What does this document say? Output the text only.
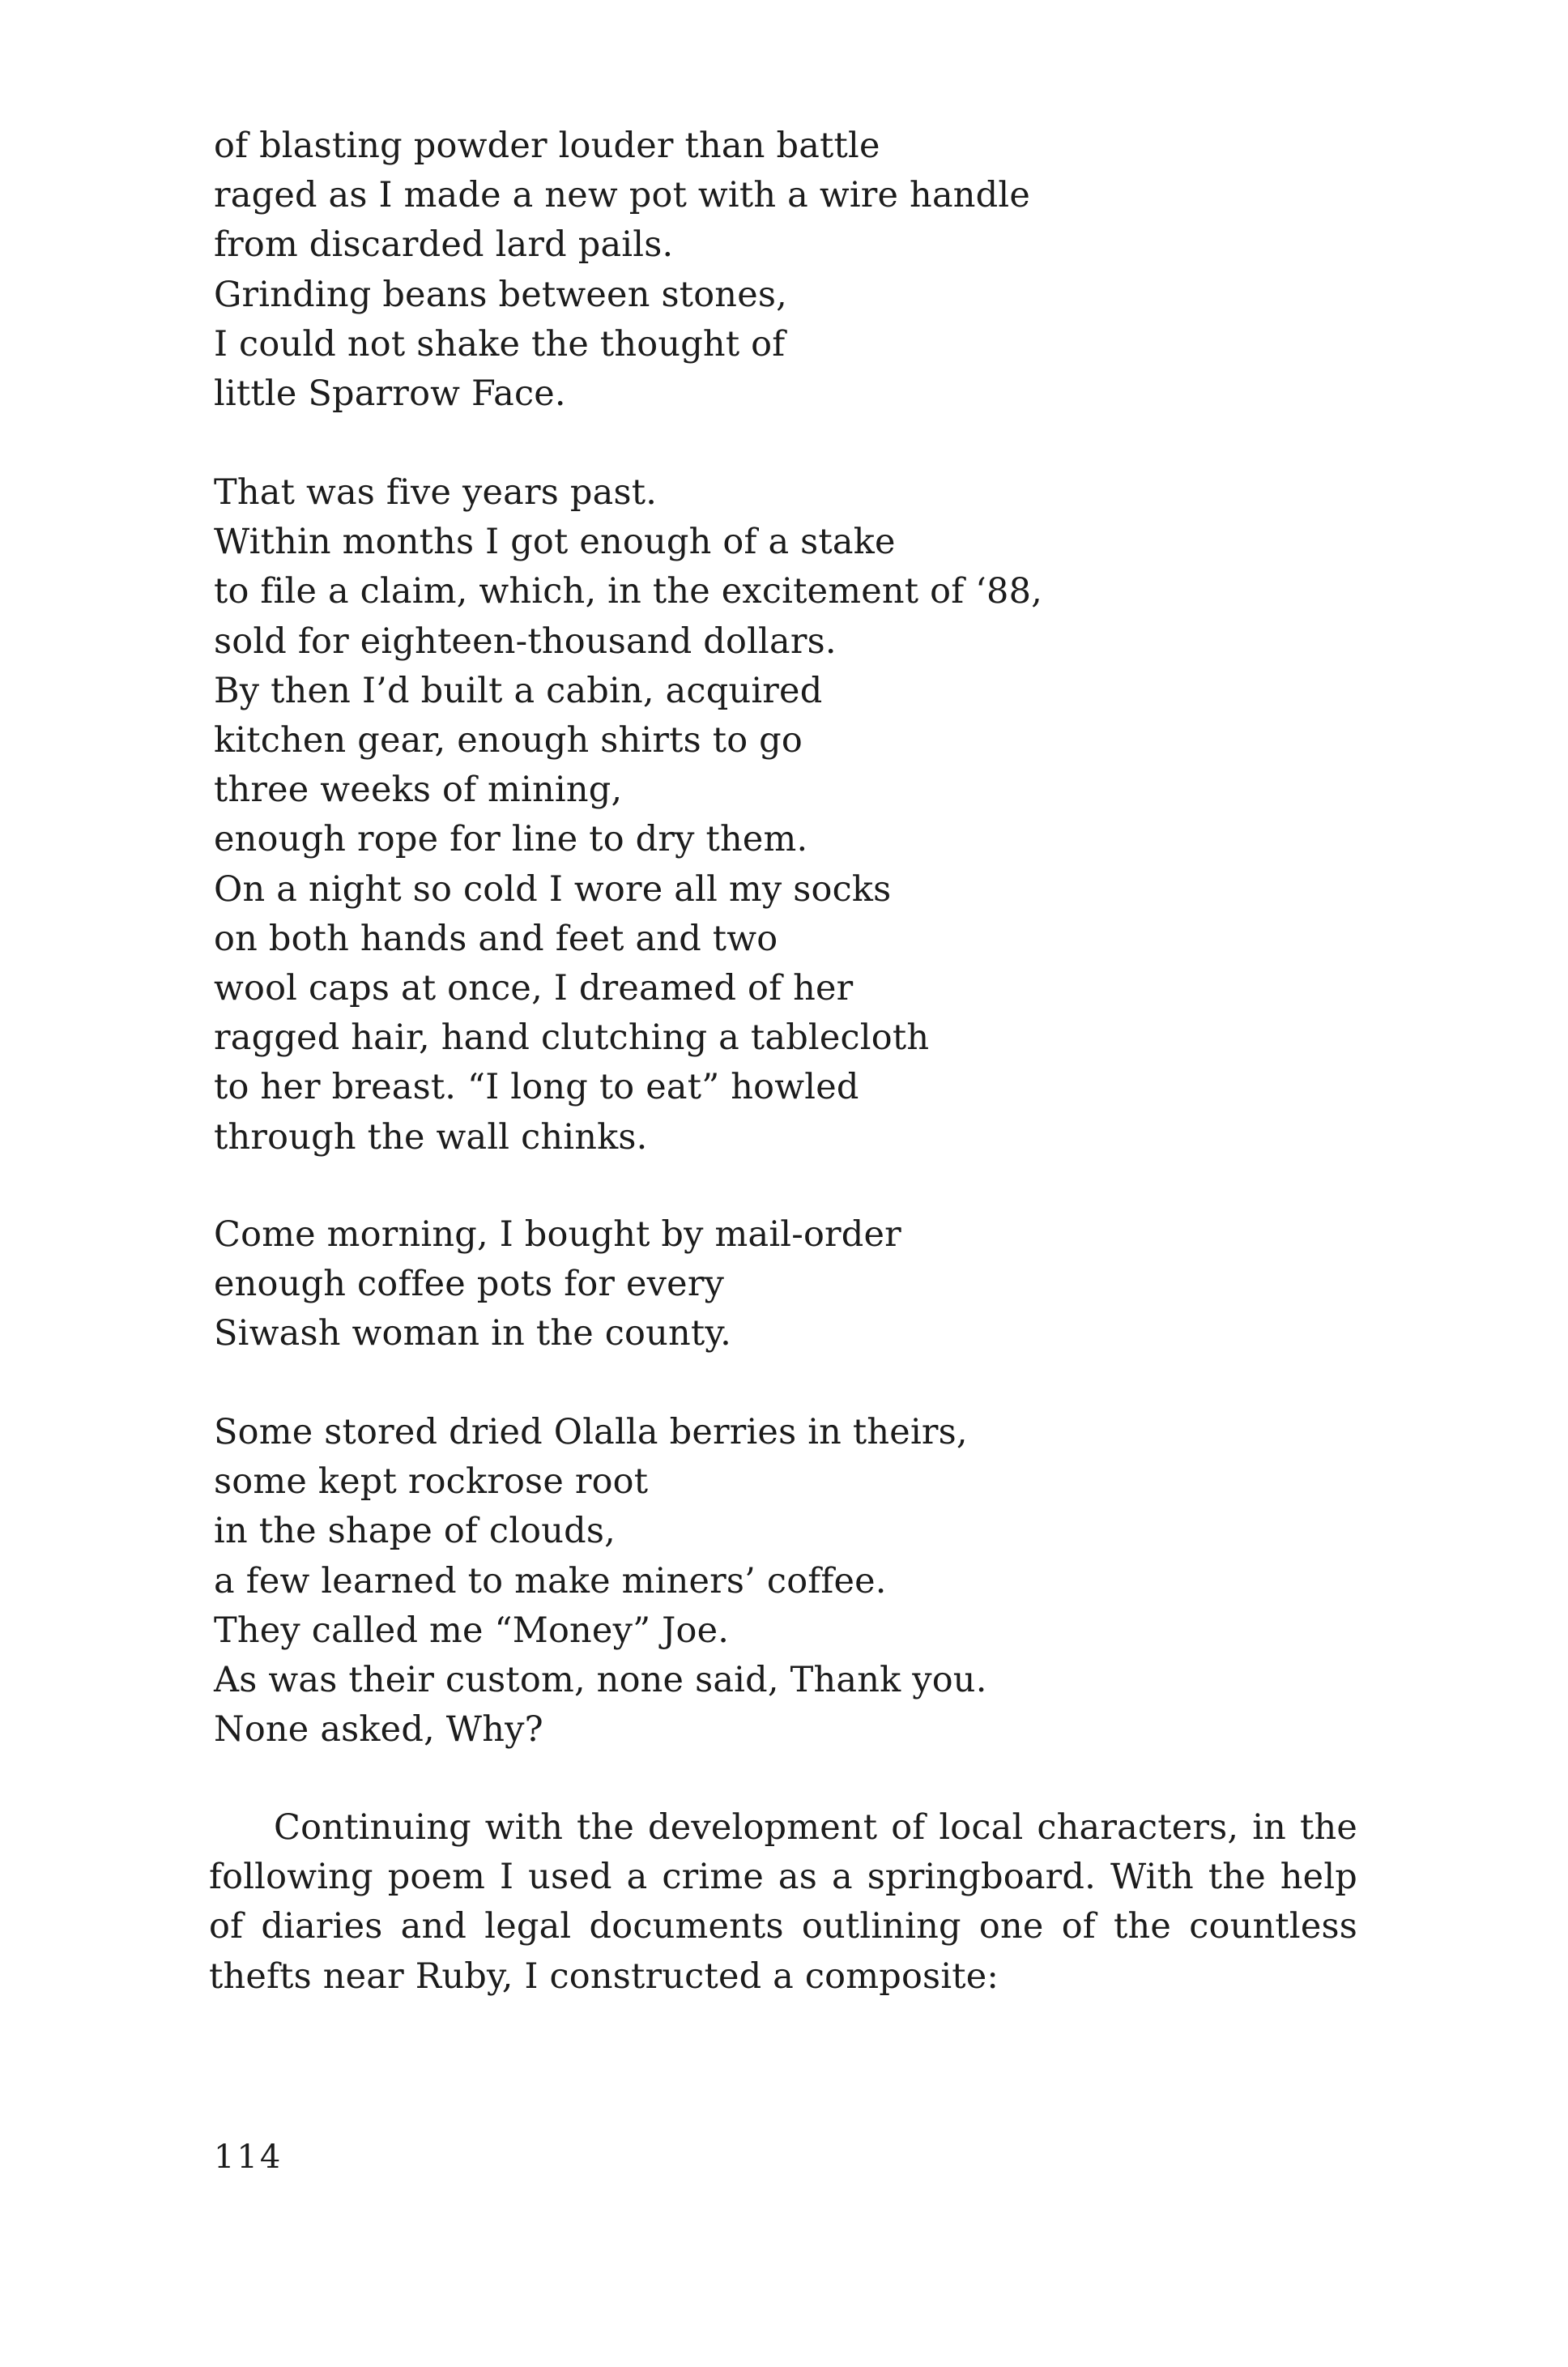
of blasting powder louder than battle
raged as I made a new pot with a wire handle
from discarded lard pails.
Grinding beans between stones,
I could not shake the thought of
little Sparrow Face.
That was five years past.
Within months I got enough of a stake
to file a claim, which, in the excitement of ‘88,
sold for eighteen-thousand dollars.
By then I’d built a cabin, acquired
kitchen gear, enough shirts to go
three weeks of mining,
enough rope for line to dry them.
On a night so cold I wore all my socks
on both hands and feet and two
wool caps at once, I dreamed of her
ragged hair, hand clutching a tablecloth
to her breast. “I long to eat” howled
through the wall chinks.
Come morning, I bought by mail-order
enough coffee pots for every
Siwash woman in the county.
Some stored dried Olalla berries in theirs,
some kept rockrose root
in the shape of clouds,
a few learned to make miners’ coffee.
They called me “Money” Joe.
As was their custom, none said, Thank you.
None asked, Why?

Continuing with the development of local characters, in the following poem I used a crime as a springboard. With the help of diaries and legal documents outlining one of the countless thefts near Ruby, I constructed a composite:

114
